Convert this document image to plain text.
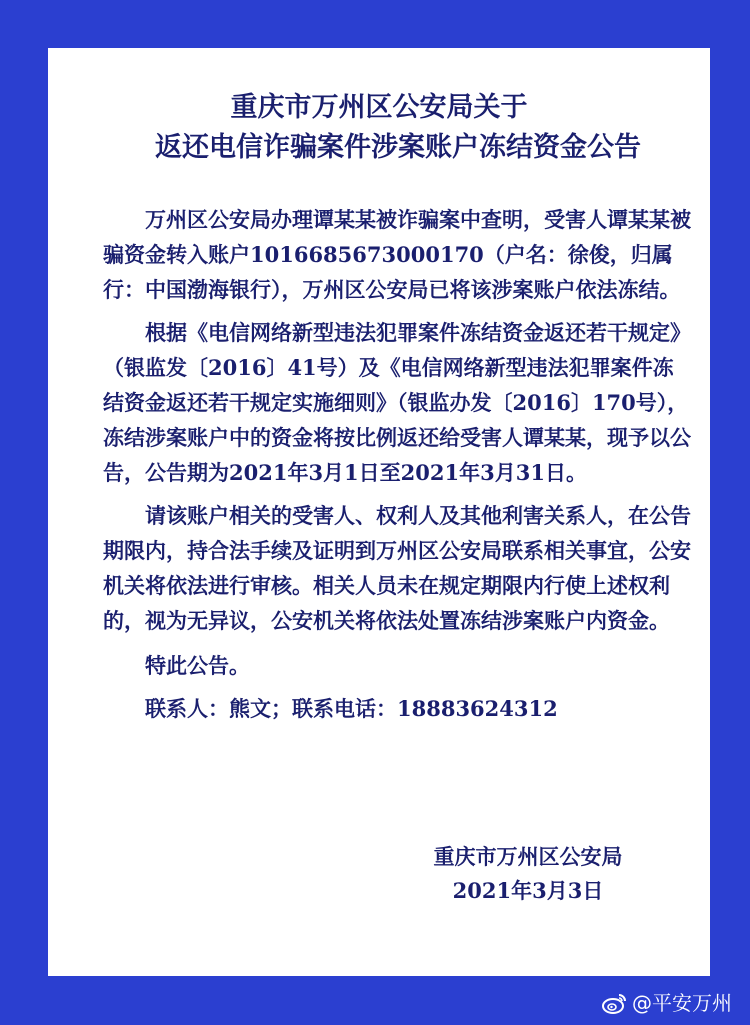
重庆市万州区公安局关于
返还电信诈骗案件涉案账户冻结资金公告

万州区公安局办理谭某某被诈骗案中查明，受害人谭某某被骗资金转入账户1016685673000170（户名：徐俊，归属行：中国渤海银行），万州区公安局已将该涉案账户依法冻结。

根据《电信网络新型违法犯罪案件冻结资金返还若干规定》（银监发〔2016〕41号）及《电信网络新型违法犯罪案件冻结资金返还若干规定实施细则》（银监办发〔2016〕170号），冻结涉案账户中的资金将按比例返还给受害人谭某某，现予以公告，公告期为2021年3月1日至2021年3月31日。

请该账户相关的受害人、权利人及其他利害关系人，在公告期限内，持合法手续及证明到万州区公安局联系相关事宜，公安机关将依法进行审核。相关人员未在规定期限内行使上述权利的，视为无异议，公安机关将依法处置冻结涉案账户内资金。

特此公告。

联系人：熊文；联系电话：18883624312

重庆市万州区公安局
2021年3月3日
@平安万州
